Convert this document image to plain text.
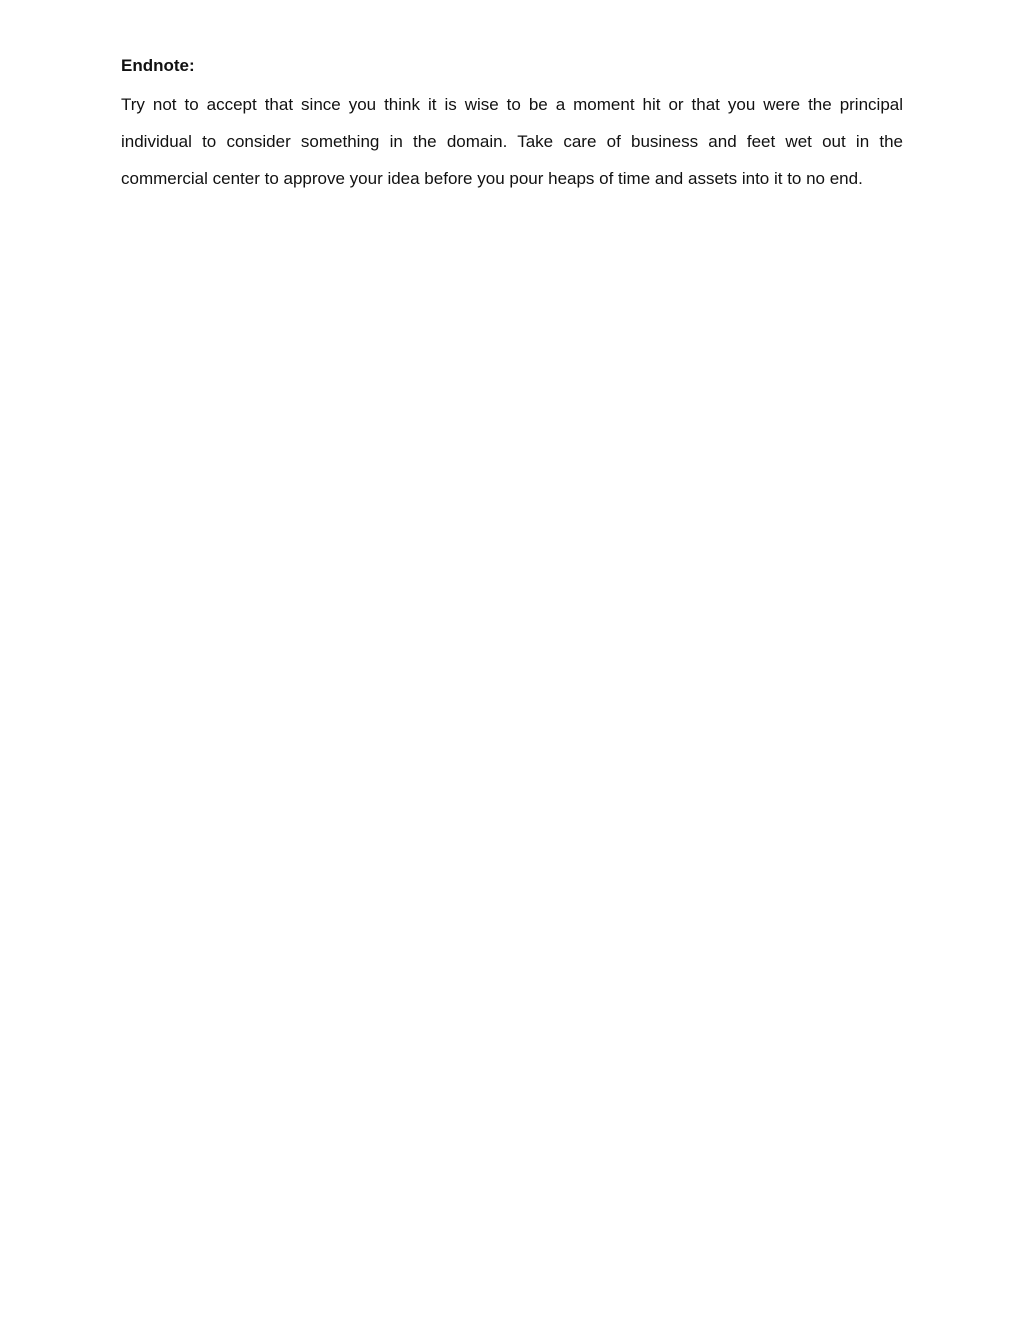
Endnote:

Try not to accept that since you think it is wise to be a moment hit or that you were the principal individual to consider something in the domain. Take care of business and feet wet out in the commercial center to approve your idea before you pour heaps of time and assets into it to no end.
